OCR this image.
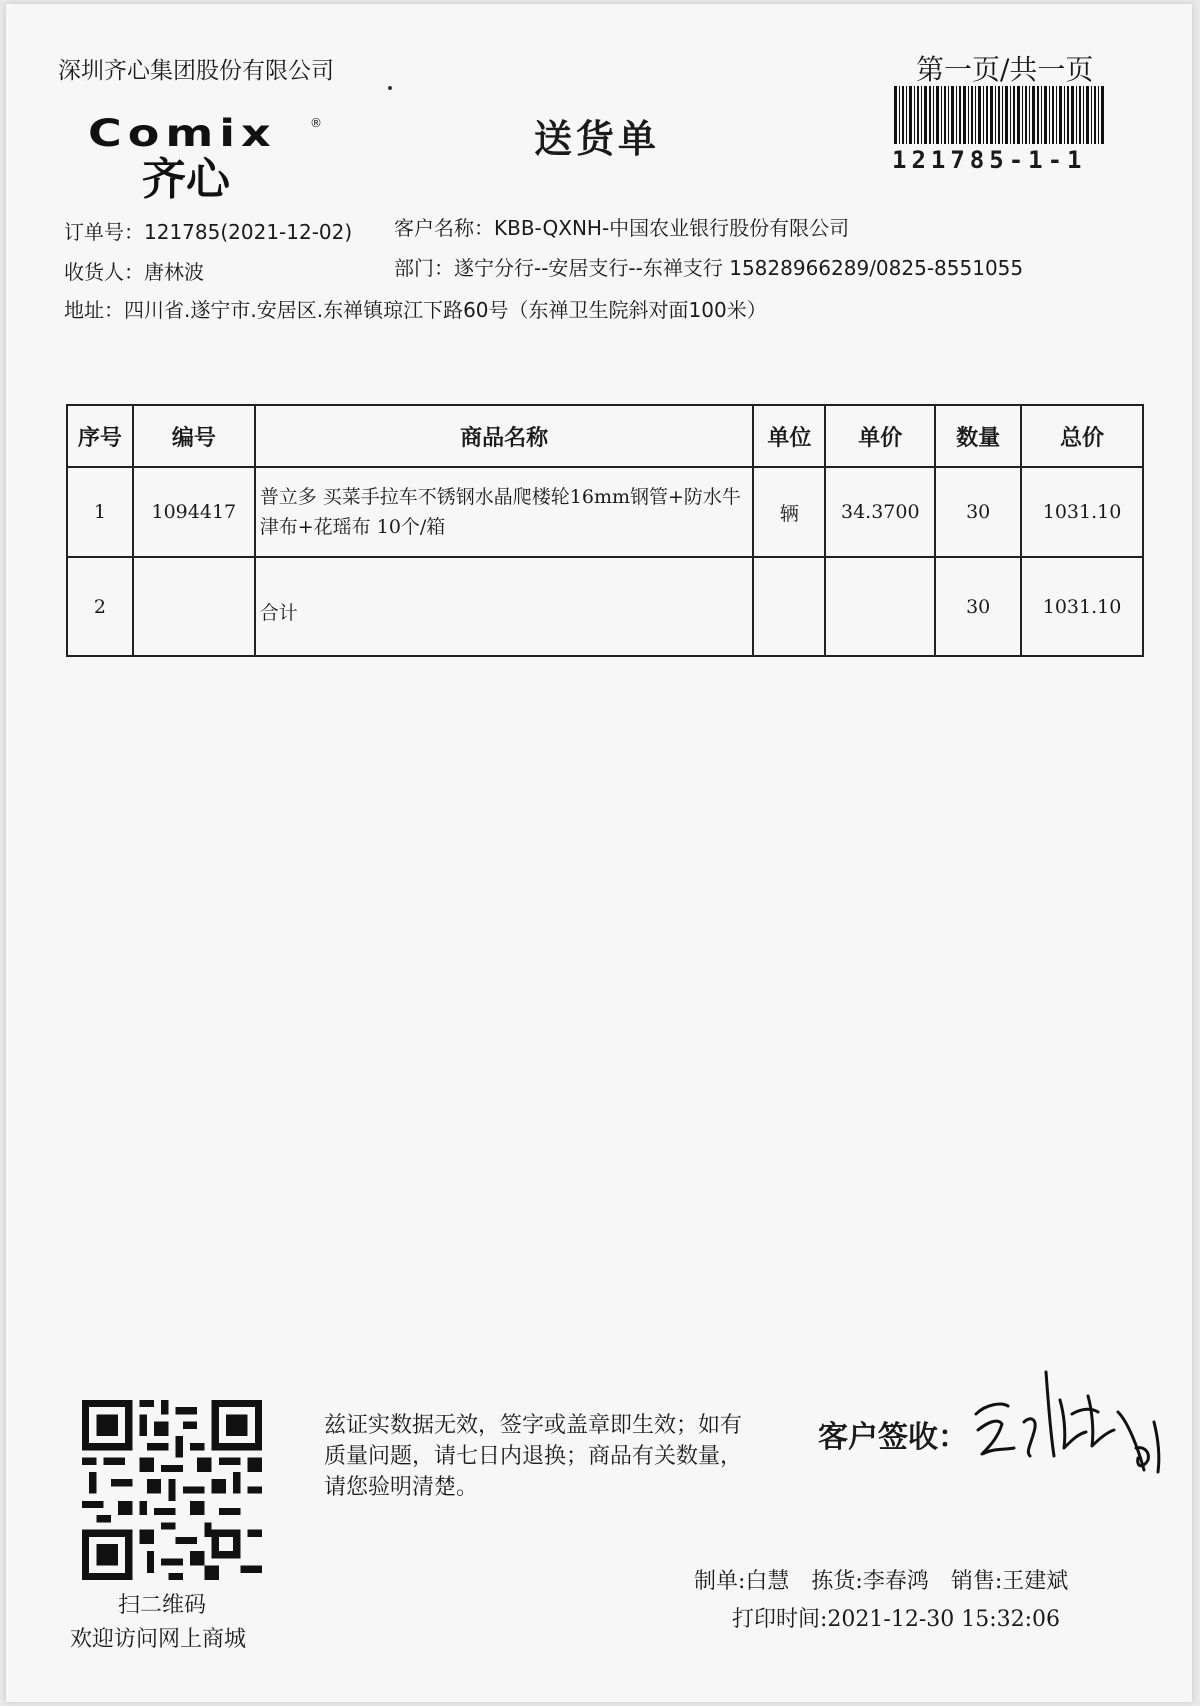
深圳齐心集团股份有限公司	第一页/共一页
Comix	®
齐心
送货单	121785-1-1
订单号：121785(2021-12-02) 客户名称：KBB-QXNH-中国农业银行股份有限公司
收货人：唐林波	部门：遂宁分行--安居支行--东禅支行 15828966289/0825-8551055
地址：四川省.遂宁市.安居区.东禅镇琼江下路60号（东禅卫生院斜对面100米）
序号	编号	商品名称	单位	单价	数量	总价
1	1094417	普立多 买菜手拉车不锈钢水晶爬楼轮16mm钢管+防水牛津布+花瑶布 10个/箱	辆	34.3700	30	1031.10
2		合计			30	1031.10
扫二维码
欢迎访问网上商城
兹证实数据无效，签字或盖章即生效；如有质量问题，请七日内退换；商品有关数量，请您验明清楚。
客户签收：
制单:白慧 拣货:李春鸿 销售:王建斌
打印时间:2021-12-30 15:32:06
